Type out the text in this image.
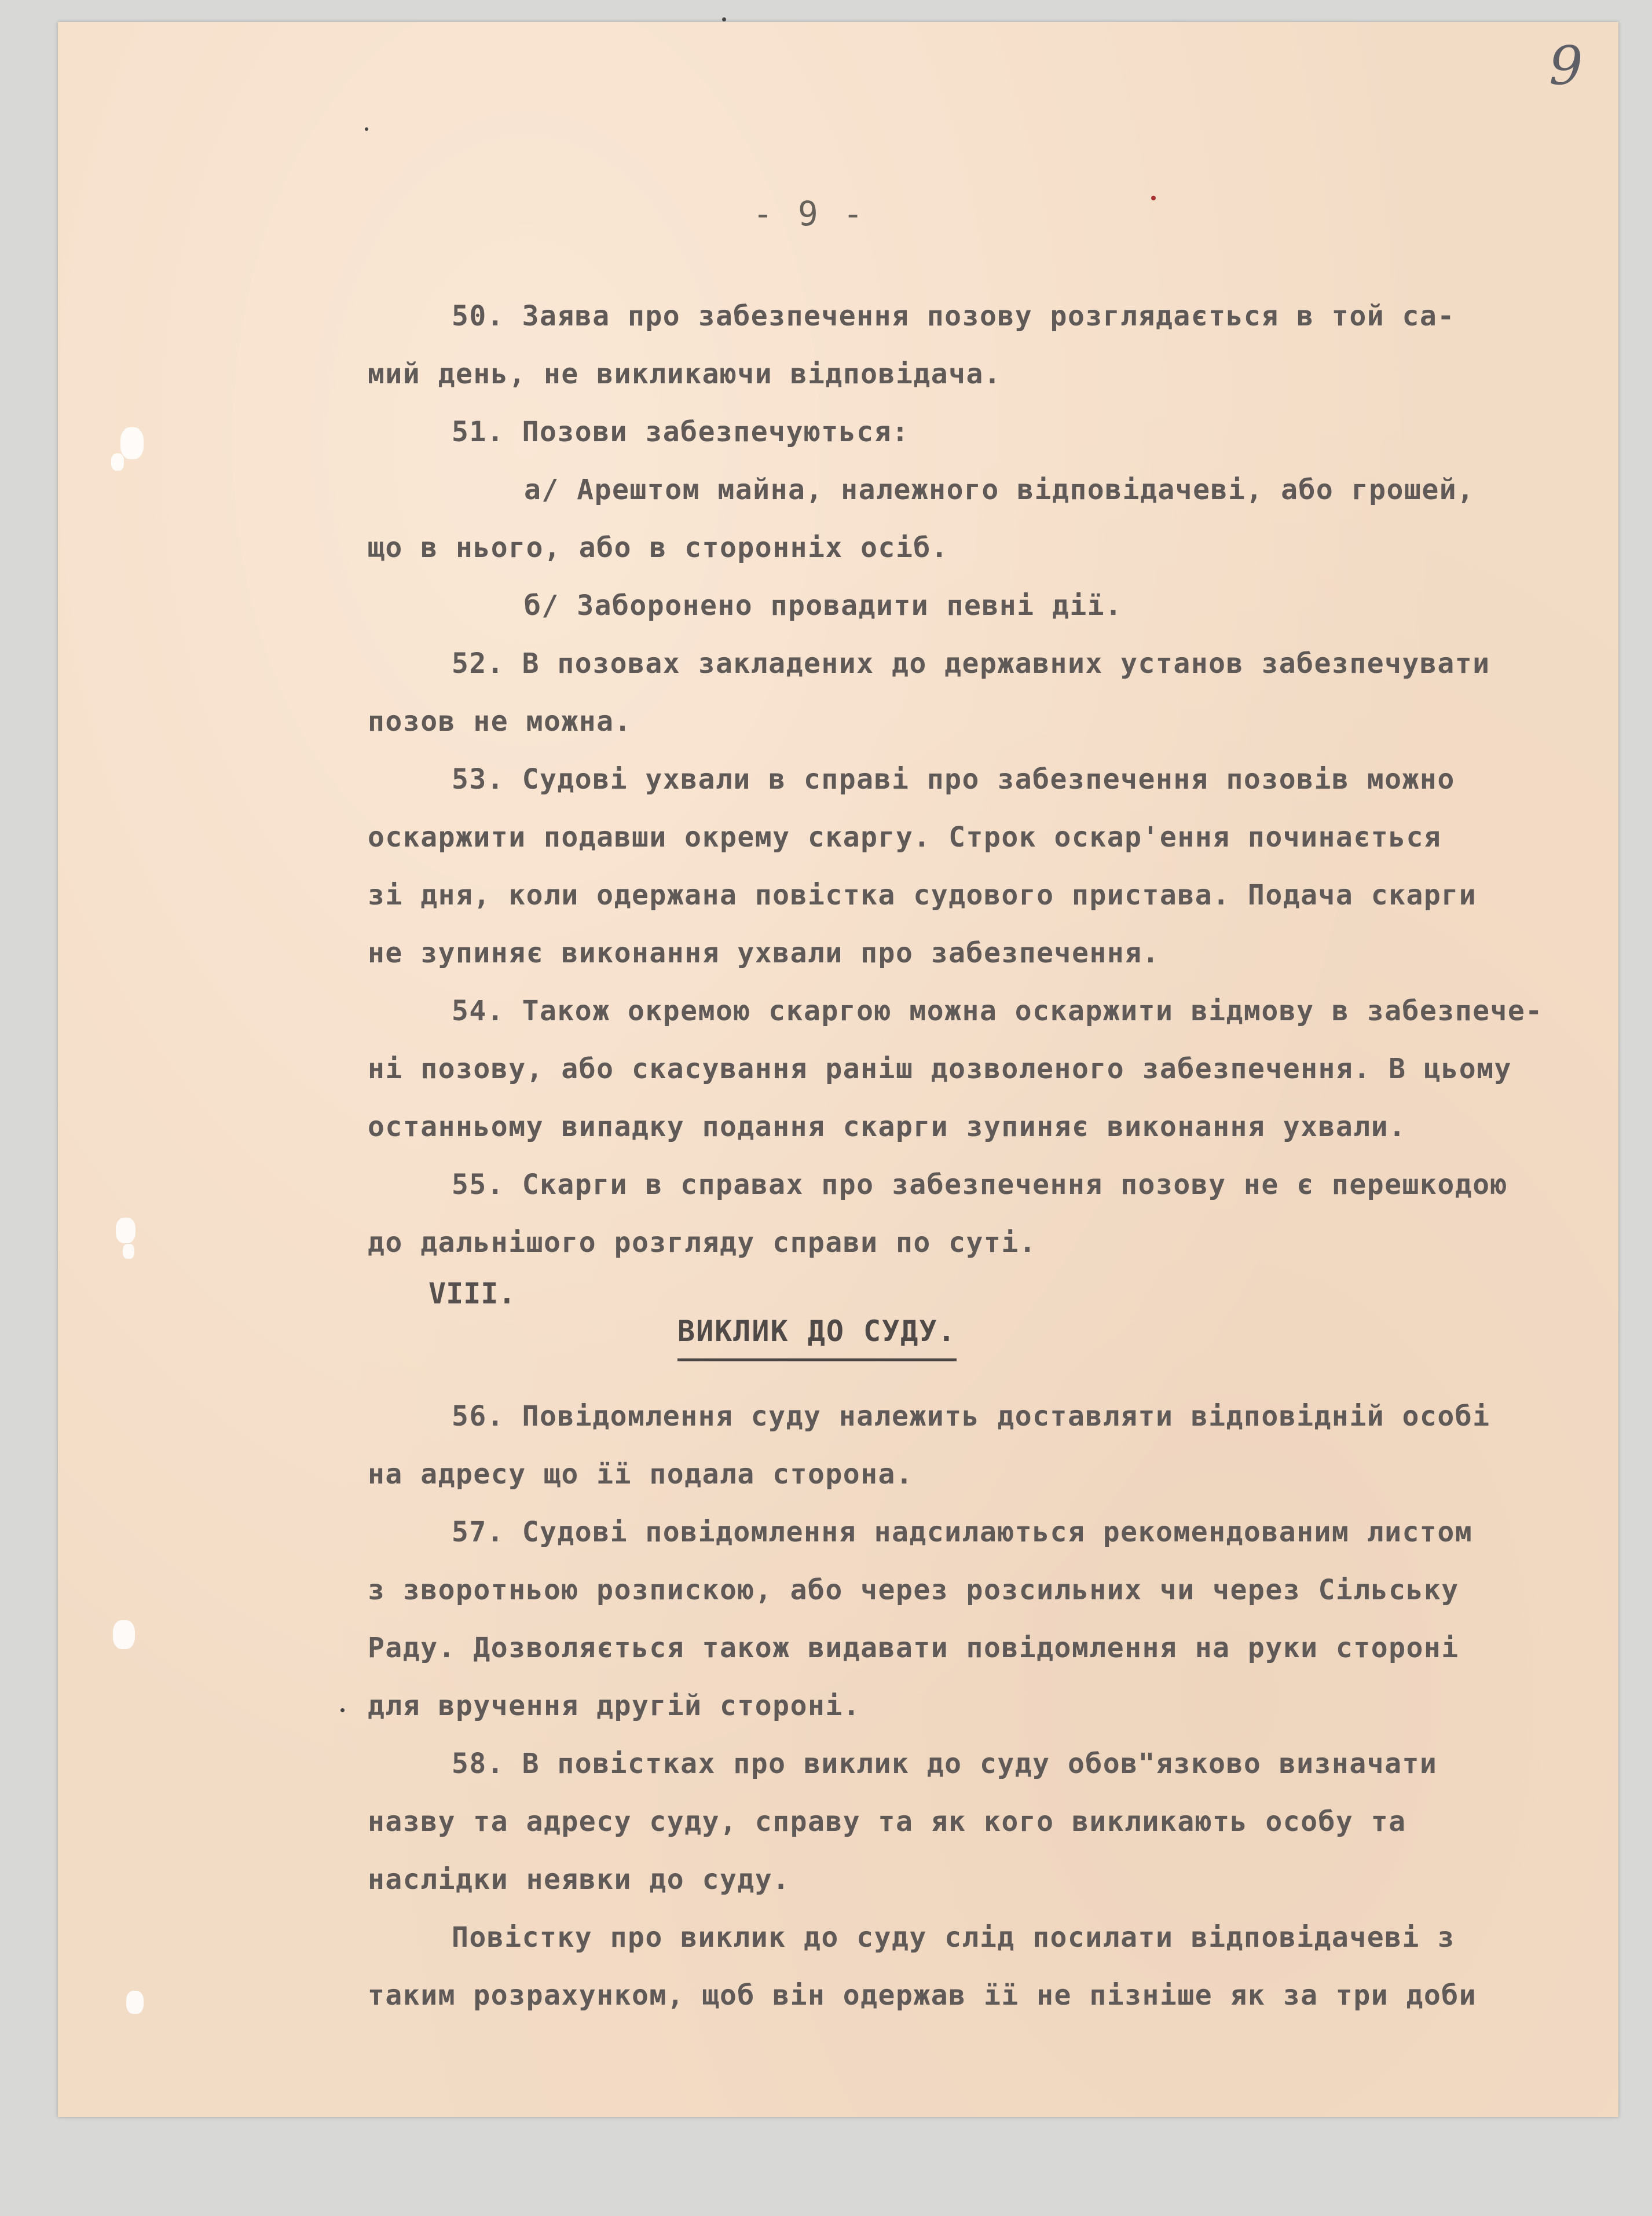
9
- 9 -
50. Заява про забезпечення позову розглядається в той са-
мий день, не викликаючи відповідача.
51. Позови забезпечуються:
а/ Арештом майна, належного відповідачеві, або грошей,
що в нього, або в сторонніх осіб.
б/ Заборонено провадити певні дії.
52. В позовах закладених до державних установ забезпечувати
позов не можна.
53. Судові ухвали в справі про забезпечення позовів можно
оскаржити подавши окрему скаргу. Строк оскар'ення починається
зі дня, коли одержана повістка судового пристава. Подача скарги
не зупиняє виконання ухвали про забезпечення.
54. Також окремою скаргою можна оскаржити відмову в забезпече-
ні позову, або скасування раніш дозволеного забезпечення. В цьому
останньому випадку подання скарги зупиняє виконання ухвали.
55. Скарги в справах про забезпечення позову не є перешкодою
до дальнішого розгляду справи по суті.
VIII.
ВИКЛИК ДО СУДУ.
56. Повідомлення суду належить доставляти відповідній особі
на адресу що її подала сторона.
57. Судові повідомлення надсилаються рекомендованим листом
з зворотньою розпискою, або через розсильних чи через Сільську
Раду. Дозволяється також видавати повідомлення на руки стороні
для вручення другій стороні.
58. В повістках про виклик до суду обов"язково визначати
назву та адресу суду, справу та як кого викликають особу та
наслідки неявки до суду.
Повістку про виклик до суду слід посилати відповідачеві з
таким розрахунком, щоб він одержав її не пізніше як за три доби
